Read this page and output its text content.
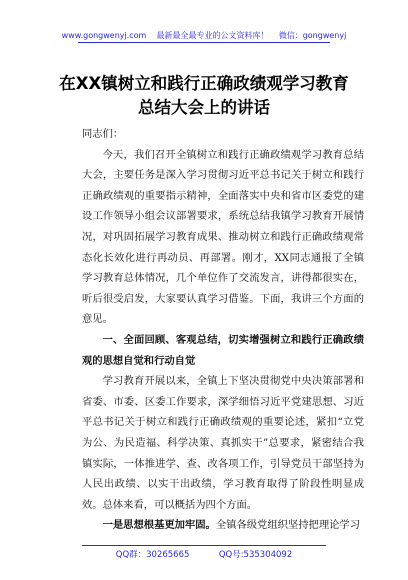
www.gongwenyj.com 最新最全最专业的公文资料库！ 微信：gongwenyj
在XX镇树立和践行正确政绩观学习教育
总结大会上的讲话

同志们：

今天，我们召开全镇树立和践行正确政绩观学习教育总结大会，主要任务是深入学习贯彻习近平总书记关于树立和践行正确政绩观的重要指示精神，全面落实中央和省市区委党的建设工作领导小组会议部署要求，系统总结我镇学习教育开展情况，对巩固拓展学习教育成果、推动树立和践行正确政绩观常态化长效化进行再动员、再部署。刚才，XX同志通报了全镇学习教育总体情况，几个单位作了交流发言，讲得都很实在，听后很受启发，大家要认真学习借鉴。下面，我讲三个方面的意见。

一、全面回顾、客观总结，切实增强树立和践行正确政绩观的思想自觉和行动自觉

学习教育开展以来，全镇上下坚决贯彻党中央决策部署和省委、市委、区委工作要求，深学细悟习近平党建思想、习近平总书记关于树立和践行正确政绩观的重要论述，紧扣“立党为公、为民造福、科学决策、真抓实干”总要求，紧密结合我镇实际，一体推进学、查、改各项工作，引导党员干部坚持为人民出政绩、以实干出政绩，学习教育取得了阶段性明显成效。总体来看，可以概括为四个方面。

一是思想根基更加牢固。全镇各级党组织坚持把理论学习

QQ群：30265665	QQ号:535304092
